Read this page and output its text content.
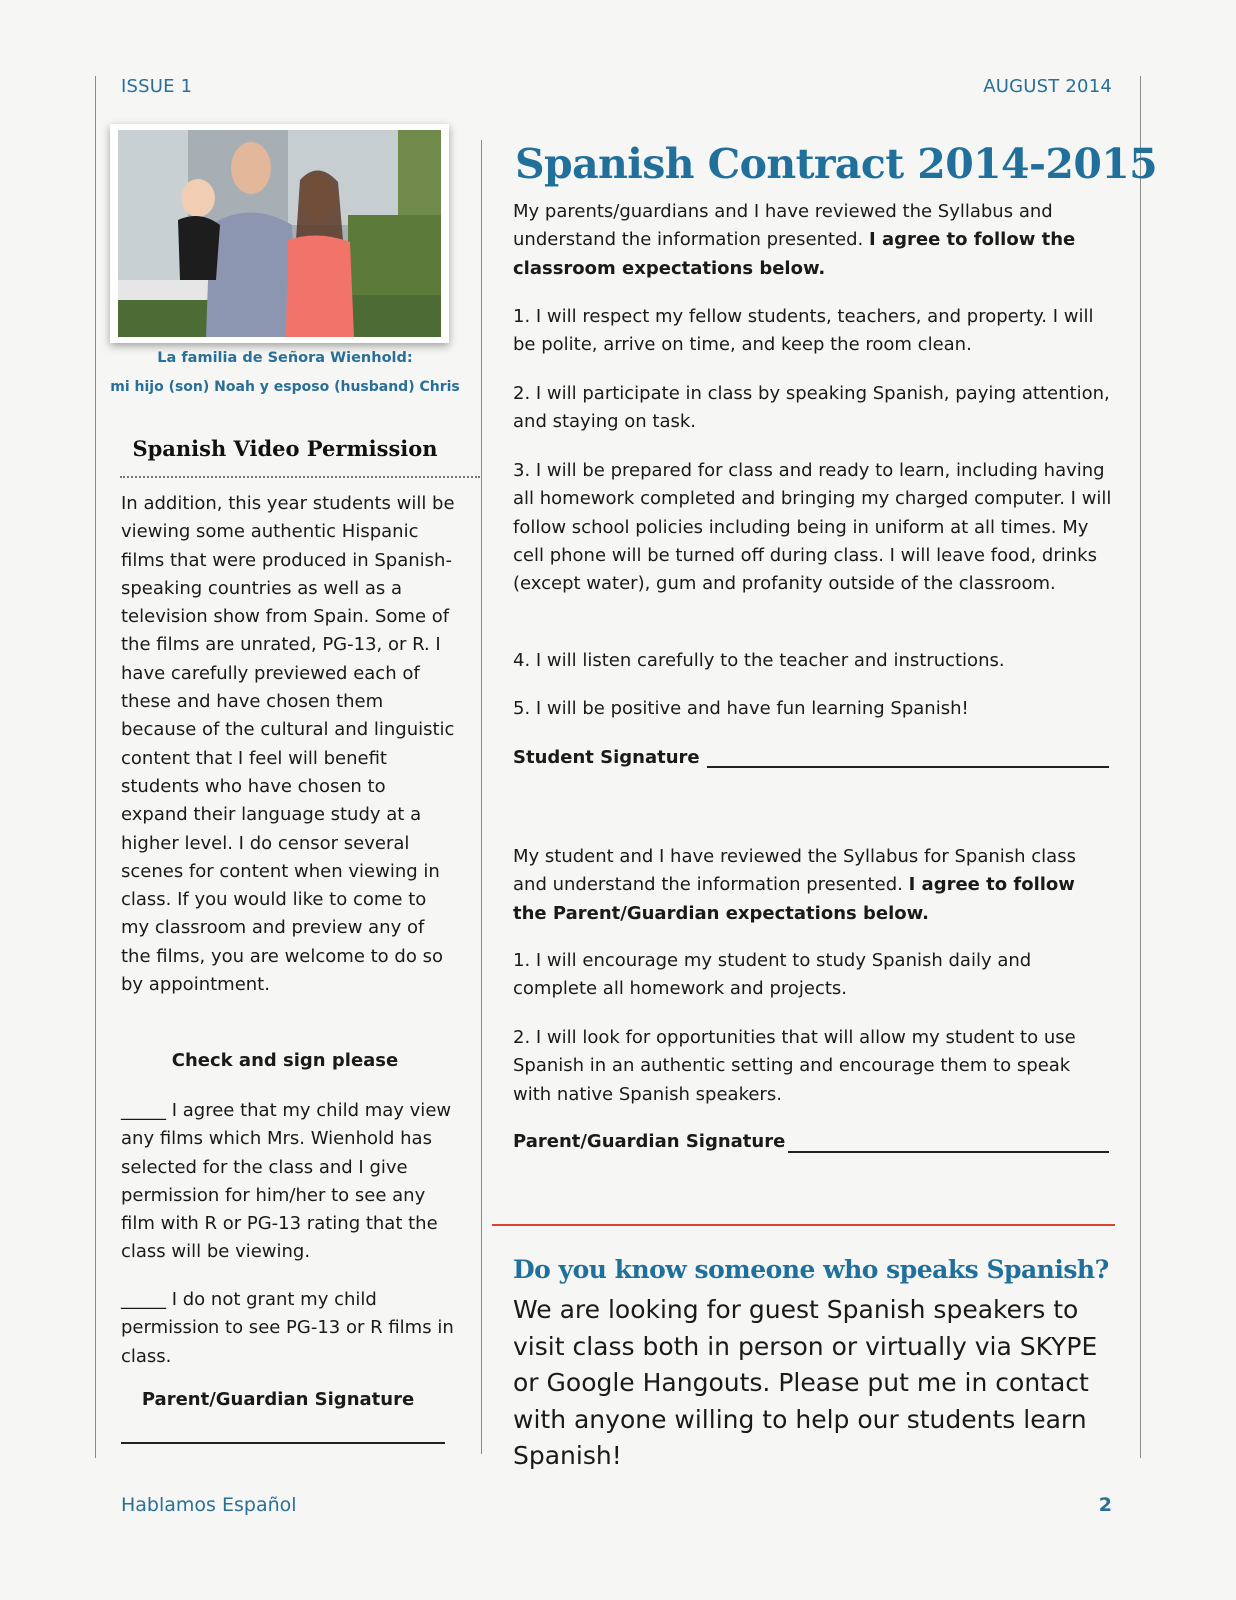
ISSUE 1	AUGUST 2014
La familia de Señora Wienhold:
mi hijo (son) Noah y esposo (husband) Chris
Spanish Video Permission
In addition, this year students will be viewing some authentic Hispanic films that were produced in Spanish-speaking countries as well as a television show from Spain. Some of the films are unrated, PG-13, or R. I have carefully previewed each of these and have chosen them because of the cultural and linguistic content that I feel will benefit students who have chosen to expand their language study at a higher level. I do censor several scenes for content when viewing in class. If you would like to come to my classroom and preview any of the films, you are welcome to do so by appointment.
Check and sign please
_____ I agree that my child may view any films which Mrs. Wienhold has selected for the class and I give permission for him/her to see any film with R or PG-13 rating that the class will be viewing.
_____ I do not grant my child permission to see PG-13 or R films in class.
Parent/Guardian Signature
Spanish Contract 2014-2015
My parents/guardians and I have reviewed the Syllabus and understand the information presented. I agree to follow the classroom expectations below.
1. I will respect my fellow students, teachers, and property. I will be polite, arrive on time, and keep the room clean.
2. I will participate in class by speaking Spanish, paying attention, and staying on task.
3. I will be prepared for class and ready to learn, including having all homework completed and bringing my charged computer. I will follow school policies including being in uniform at all times. My cell phone will be turned off during class. I will leave food, drinks (except water), gum and profanity outside of the classroom.
4. I will listen carefully to the teacher and instructions.
5. I will be positive and have fun learning Spanish!
Student Signature
My student and I have reviewed the Syllabus for Spanish class and understand the information presented. I agree to follow the Parent/Guardian expectations below.
1. I will encourage my student to study Spanish daily and complete all homework and projects.
2. I will look for opportunities that will allow my student to use Spanish in an authentic setting and encourage them to speak with native Spanish speakers.
Parent/Guardian Signature
Do you know someone who speaks Spanish?
We are looking for guest Spanish speakers to visit class both in person or virtually via SKYPE or Google Hangouts. Please put me in contact with anyone willing to help our students learn Spanish!
Hablamos Español	2
